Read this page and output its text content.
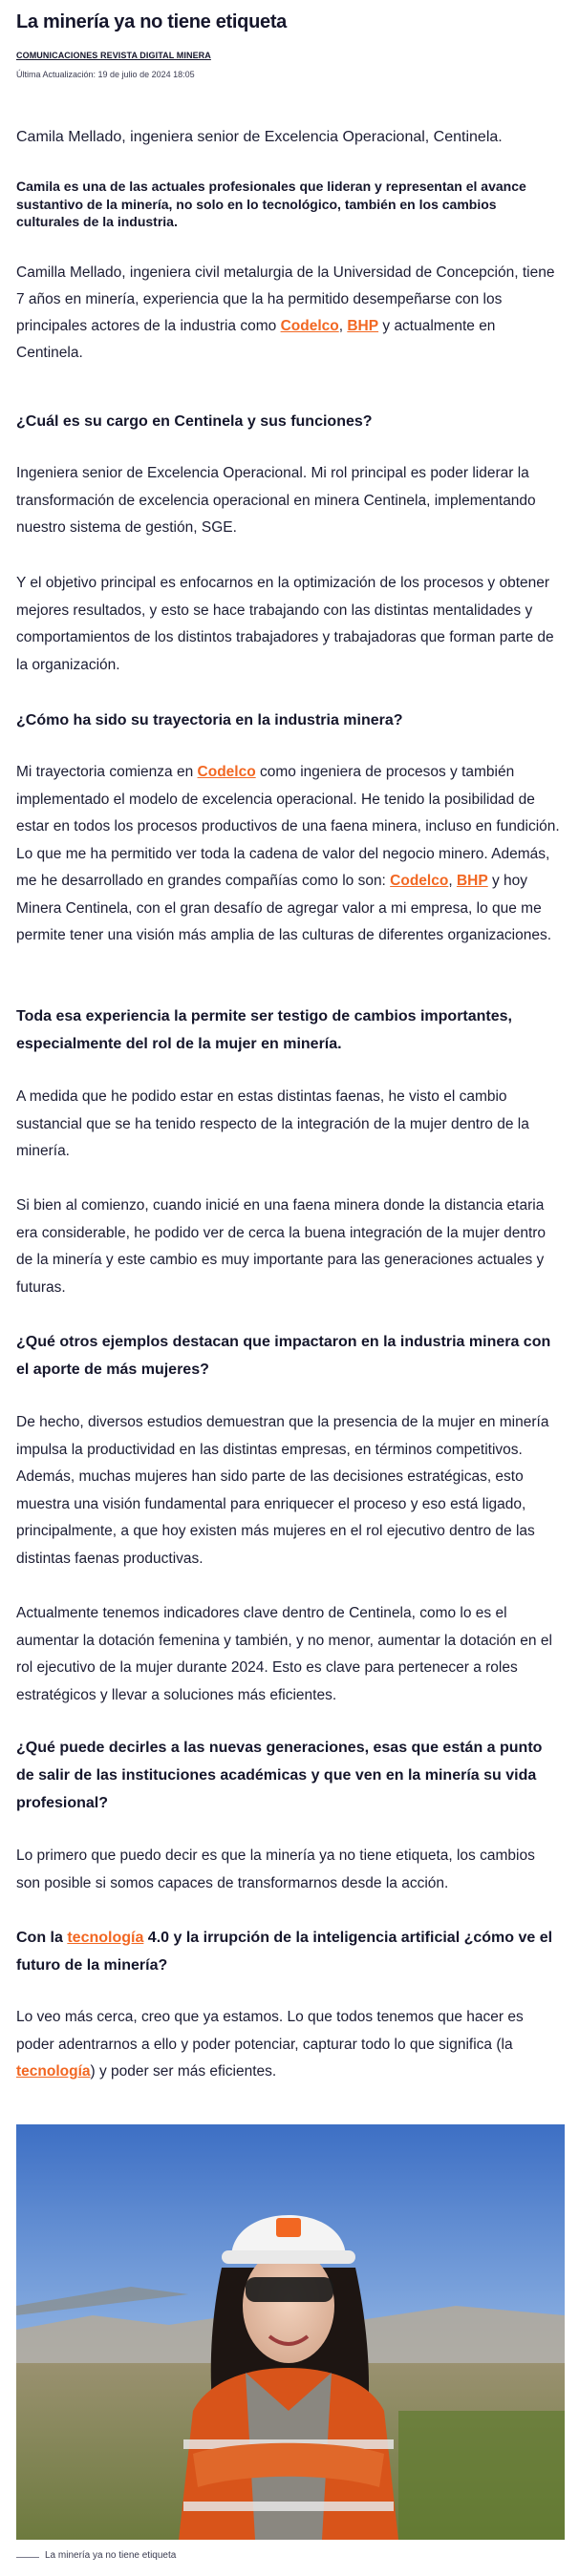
La minería ya no tiene etiqueta
COMUNICACIONES REVISTA DIGITAL MINERA
Última Actualización: 19 de julio de 2024 18:05

Camila Mellado, ingeniera senior de Excelencia Operacional, Centinela.

Camila es una de las actuales profesionales que lideran y representan el avance sustantivo de la minería, no solo en lo tecnológico, también en los cambios culturales de la industria.

Camilla Mellado, ingeniera civil metalurgia de la Universidad de Concepción, tiene 7 años en minería, experiencia que la ha permitido desempeñarse con los principales actores de la industria como Codelco, BHP y actualmente en Centinela.

¿Cuál es su cargo en Centinela y sus funciones?

Ingeniera senior de Excelencia Operacional. Mi rol principal es poder liderar la transformación de excelencia operacional en minera Centinela, implementando nuestro sistema de gestión, SGE.

Y el objetivo principal es enfocarnos en la optimización de los procesos y obtener mejores resultados, y esto se hace trabajando con las distintas mentalidades y comportamientos de los distintos trabajadores y trabajadoras que forman parte de la organización.

¿Cómo ha sido su trayectoria en la industria minera?

Mi trayectoria comienza en Codelco como ingeniera de procesos y también implementado el modelo de excelencia operacional. He tenido la posibilidad de estar en todos los procesos productivos de una faena minera, incluso en fundición. Lo que me ha permitido ver toda la cadena de valor del negocio minero. Además, me he desarrollado en grandes compañías como lo son: Codelco, BHP y hoy Minera Centinela, con el gran desafío de agregar valor a mi empresa, lo que me permite tener una visión más amplia de las culturas de diferentes organizaciones.

Toda esa experiencia la permite ser testigo de cambios importantes, especialmente del rol de la mujer en minería.

A medida que he podido estar en estas distintas faenas, he visto el cambio sustancial que se ha tenido respecto de la integración de la mujer dentro de la minería.

Si bien al comienzo, cuando inicié en una faena minera donde la distancia etaria era considerable, he podido ver de cerca la buena integración de la mujer dentro de la minería y este cambio es muy importante para las generaciones actuales y futuras.

¿Qué otros ejemplos destacan que impactaron en la industria minera con el aporte de más mujeres?

De hecho, diversos estudios demuestran que la presencia de la mujer en minería impulsa la productividad en las distintas empresas, en términos competitivos. Además, muchas mujeres han sido parte de las decisiones estratégicas, esto muestra una visión fundamental para enriquecer el proceso y eso está ligado, principalmente, a que hoy existen más mujeres en el rol ejecutivo dentro de las distintas faenas productivas.

Actualmente tenemos indicadores clave dentro de Centinela, como lo es el aumentar la dotación femenina y también, y no menor, aumentar la dotación en el rol ejecutivo de la mujer durante 2024. Esto es clave para pertenecer a roles estratégicos y llevar a soluciones más eficientes.

¿Qué puede decirles a las nuevas generaciones, esas que están a punto de salir de las instituciones académicas y que ven en la minería su vida profesional?

Lo primero que puedo decir es que la minería ya no tiene etiqueta, los cambios son posible si somos capaces de transformarnos desde la acción.

Con la tecnología 4.0 y la irrupción de la inteligencia artificial ¿cómo ve el futuro de la minería?

Lo veo más cerca, creo que ya estamos. Lo que todos tenemos que hacer es poder adentrarnos a ello y poder potenciar, capturar todo lo que significa (la tecnología) y poder ser más eficientes.

La minería ya no tiene etiqueta
